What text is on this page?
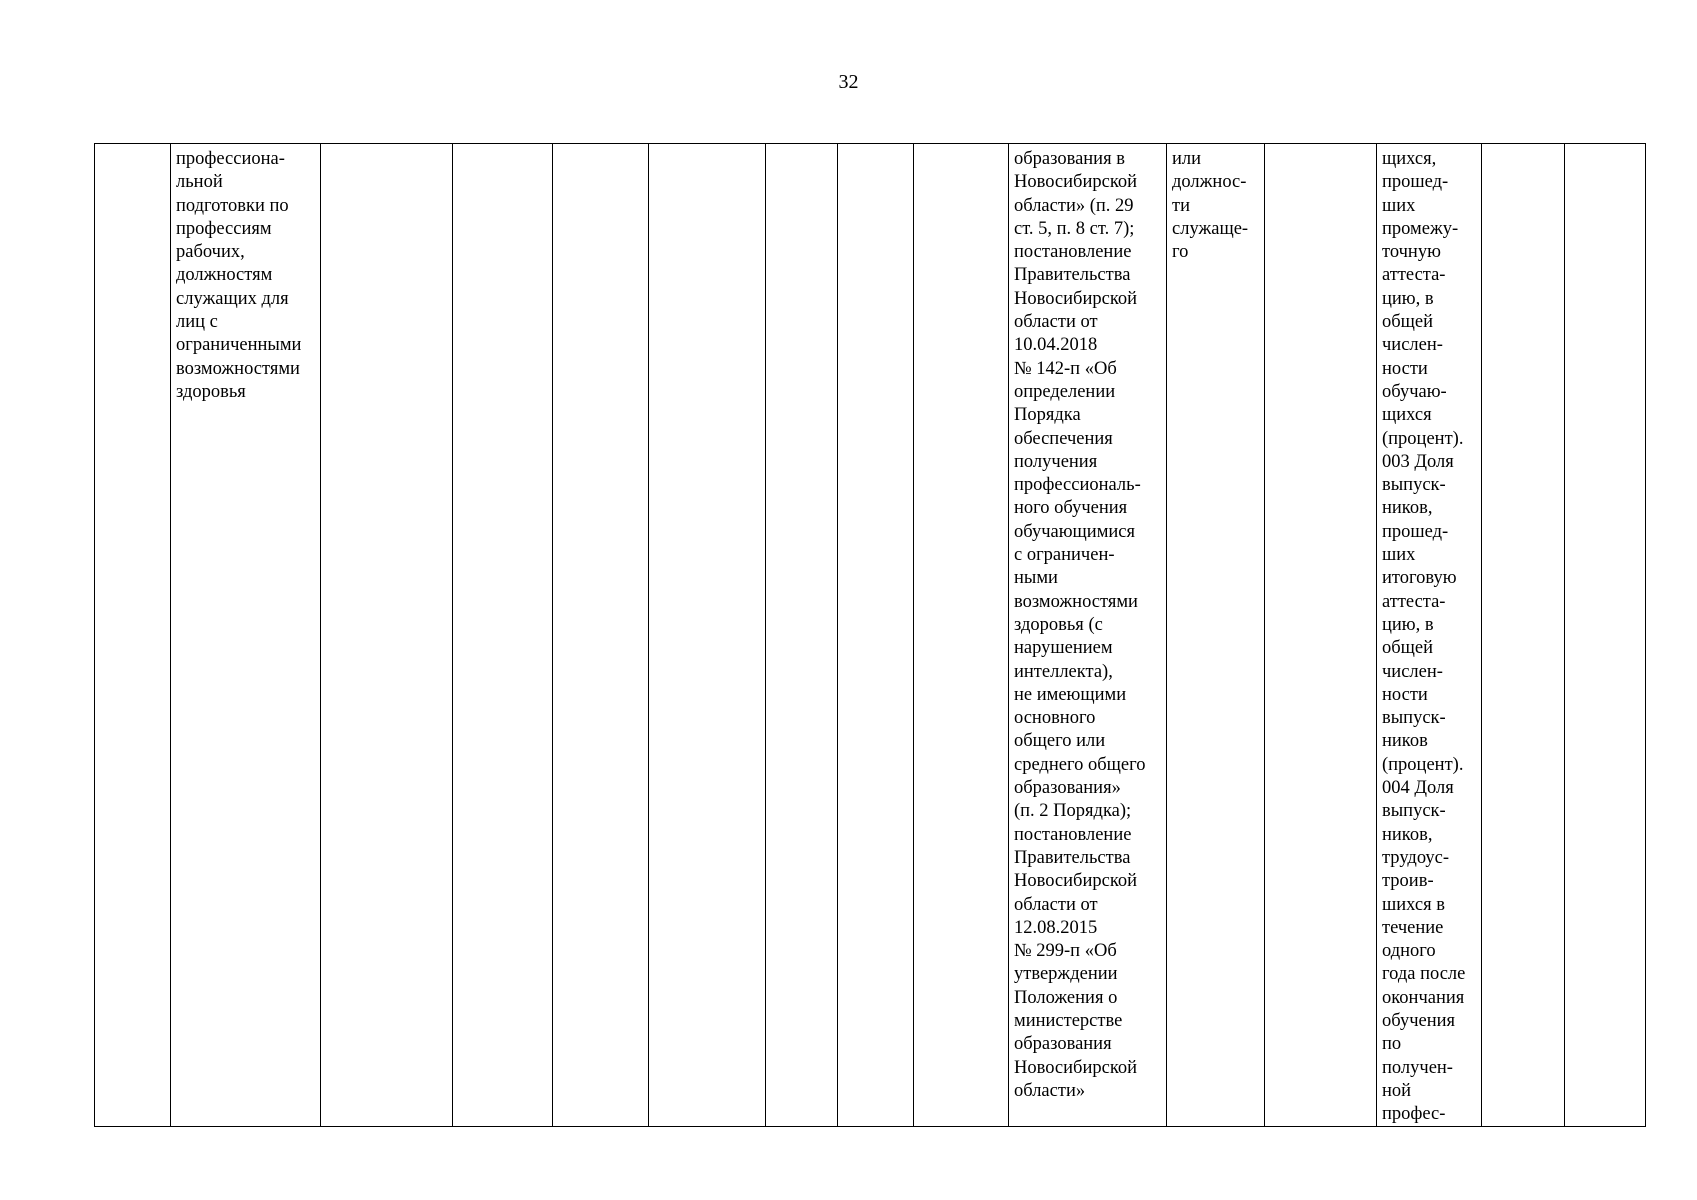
32
	профессиона-
льной
подготовки по
профессиям
рабочих,
должностям
служащих для
лиц с
ограниченными
возможностями
здоровья								образования в
Новосибирской
области» (п. 29
ст. 5, п. 8 ст. 7);
постановление
Правительства
Новосибирской
области от
10.04.2018
№ 142-п «Об
определении
Порядка
обеспечения
получения
профессиональ-
ного обучения
обучающимися
с ограничен-
ными
возможностями
здоровья (с
нарушением
интеллекта),
не имеющими
основного
общего или
среднего общего
образования»
(п. 2 Порядка);
постановление
Правительства
Новосибирской
области от
12.08.2015
№ 299-п «Об
утверждении
Положения о
министерстве
образования
Новосибирской
области»	или
должнос-
ти
служаще-
го		щихся,
прошед-
ших
промежу-
точную
аттеста-
цию, в
общей
числен-
ности
обучаю-
щихся
(процент).
003 Доля
выпуск-
ников,
прошед-
ших
итоговую
аттеста-
цию, в
общей
числен-
ности
выпуск-
ников
(процент).
004 Доля
выпуск-
ников,
трудоус-
троив-
шихся в
течение
одного
года после
окончания
обучения
по
получен-
ной
профес-		
